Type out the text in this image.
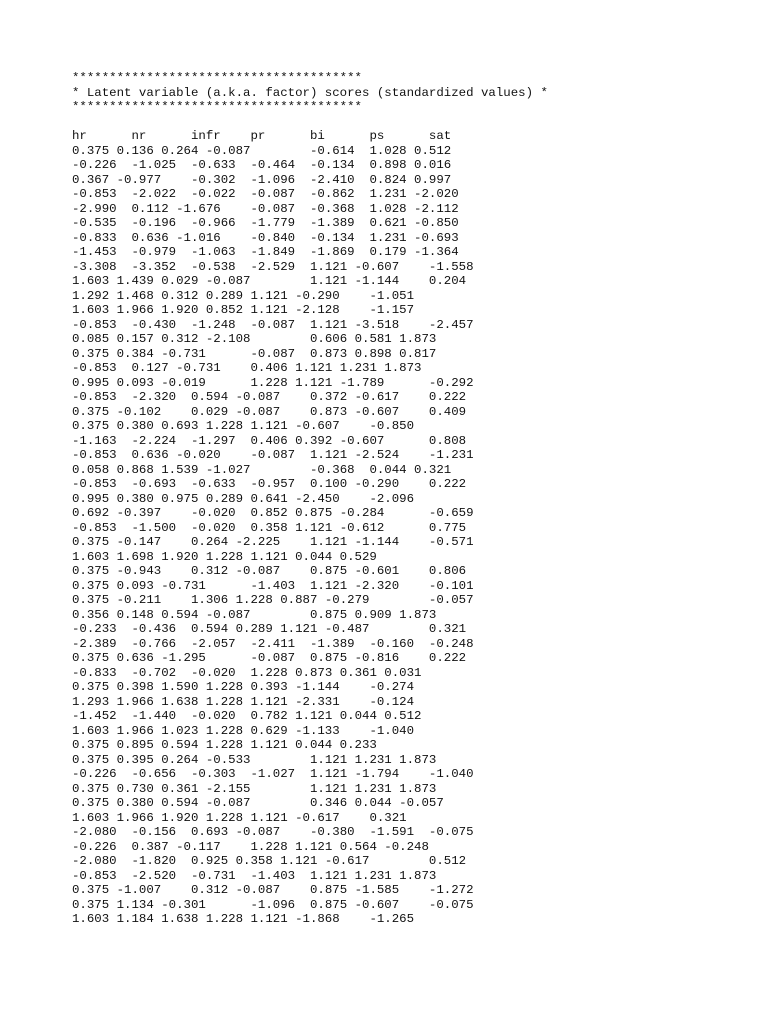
***************************************
* Latent variable (a.k.a. factor) scores (standardized values) *
***************************************
hr	nr	infr	pr	bi	ps	sat
0.375 0.136 0.264 -0.087	-0.614	1.028 0.512
-0.226	-1.025	-0.633	-0.464	-0.134	0.898 0.016
0.367 -0.977	-0.302	-1.096	-2.410	0.824 0.997
-0.853	-2.022	-0.022	-0.087	-0.862	1.231 -2.020
-2.990	0.112 -1.676	-0.087	-0.368	1.028 -2.112
-0.535	-0.196	-0.966	-1.779	-1.389	0.621 -0.850
-0.833	0.636 -1.016	-0.840	-0.134	1.231 -0.693
-1.453	-0.979	-1.063	-1.849	-1.869	0.179 -1.364
-3.308	-3.352	-0.538	-2.529	1.121 -0.607	-1.558
1.603 1.439 0.029 -0.087	1.121 -1.144	0.204
1.292 1.468 0.312 0.289 1.121 -0.290	-1.051
1.603 1.966 1.920 0.852 1.121 -2.128	-1.157
-0.853	-0.430	-1.248	-0.087	1.121 -3.518	-2.457
0.085 0.157 0.312 -2.108	0.606 0.581 1.873
0.375 0.384 -0.731	-0.087	0.873 0.898 0.817
-0.853	0.127 -0.731	0.406 1.121 1.231 1.873
0.995 0.093 -0.019	1.228 1.121 -1.789	-0.292
-0.853	-2.320	0.594 -0.087	0.372 -0.617	0.222
0.375 -0.102	0.029 -0.087	0.873 -0.607	0.409
0.375 0.380 0.693 1.228 1.121 -0.607	-0.850
-1.163	-2.224	-1.297	0.406 0.392 -0.607	0.808
-0.853	0.636 -0.020	-0.087	1.121 -2.524	-1.231
0.058 0.868 1.539 -1.027	-0.368	0.044 0.321
-0.853	-0.693	-0.633	-0.957	0.100 -0.290	0.222
0.995 0.380 0.975 0.289 0.641 -2.450	-2.096
0.692 -0.397	-0.020	0.852 0.875 -0.284	-0.659
-0.853	-1.500	-0.020	0.358 1.121 -0.612	0.775
0.375 -0.147	0.264 -2.225	1.121 -1.144	-0.571
1.603 1.698 1.920 1.228 1.121 0.044 0.529
0.375 -0.943	0.312 -0.087	0.875 -0.601	0.806
0.375 0.093 -0.731	-1.403	1.121 -2.320	-0.101
0.375 -0.211	1.306 1.228 0.887 -0.279	-0.057
0.356 0.148 0.594 -0.087	0.875 0.909 1.873
-0.233	-0.436	0.594 0.289 1.121 -0.487	0.321
-2.389	-0.766	-2.057	-2.411	-1.389	-0.160	-0.248
0.375 0.636 -1.295	-0.087	0.875 -0.816	0.222
-0.833	-0.702	-0.020	1.228 0.873 0.361 0.031
0.375 0.398 1.590 1.228 0.393 -1.144	-0.274
1.293 1.966 1.638 1.228 1.121 -2.331	-0.124
-1.452	-1.440	-0.020	0.782 1.121 0.044 0.512
1.603 1.966 1.023 1.228 0.629 -1.133	-1.040
0.375 0.895 0.594 1.228 1.121 0.044 0.233
0.375 0.395 0.264 -0.533	1.121 1.231 1.873
-0.226	-0.656	-0.303	-1.027	1.121 -1.794	-1.040
0.375 0.730 0.361 -2.155	1.121 1.231 1.873
0.375 0.380 0.594 -0.087	0.346 0.044 -0.057
1.603 1.966 1.920 1.228 1.121 -0.617	0.321
-2.080	-0.156	0.693 -0.087	-0.380	-1.591	-0.075
-0.226	0.387 -0.117	1.228 1.121 0.564 -0.248
-2.080	-1.820	0.925 0.358 1.121 -0.617	0.512
-0.853	-2.520	-0.731	-1.403	1.121 1.231 1.873
0.375 -1.007	0.312 -0.087	0.875 -1.585	-1.272
0.375 1.134 -0.301	-1.096	0.875 -0.607	-0.075
1.603 1.184 1.638 1.228 1.121 -1.868	-1.265
